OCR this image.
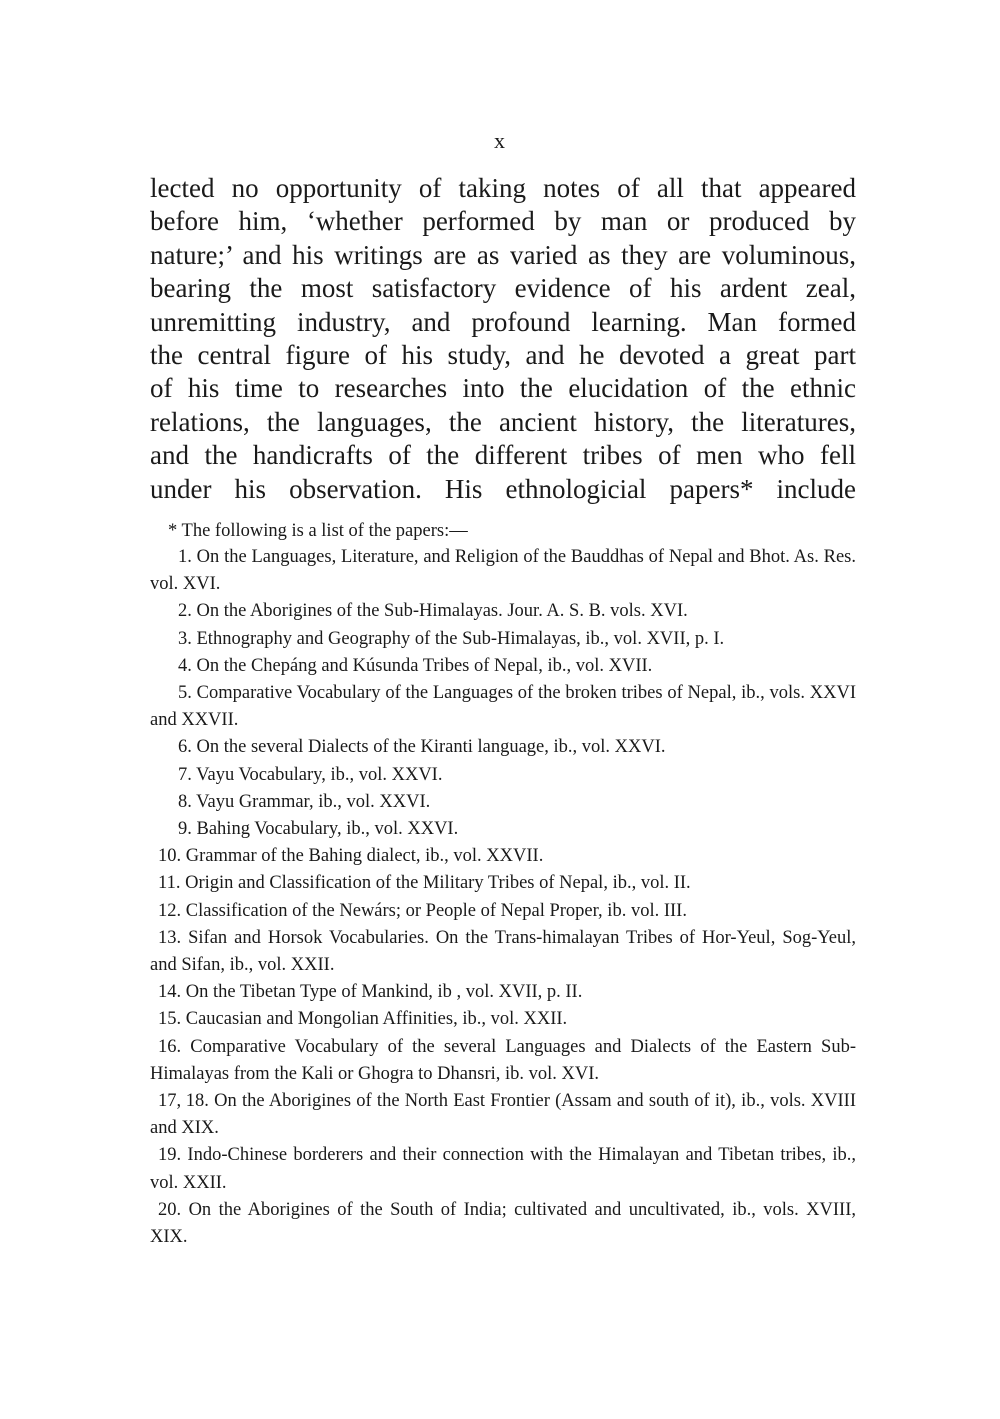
x
lected no opportunity of taking notes of all that appeared
before him, ‘whether performed by man or produced by
nature;’ and his writings are as varied as they are voluminous,
bearing the most satisfactory evidence of his ardent zeal,
unremitting industry, and profound learning. Man formed
the central figure of his study, and he devoted a great part
of his time to researches into the elucidation of the ethnic
relations, the languages, the ancient history, the literatures,
and the handicrafts of the different tribes of men who fell
under his observation. His ethnologicial papers* include
* The following is a list of the papers:—
1. On the Languages, Literature, and Religion of the Bauddhas of Nepal and Bhot. As. Res. vol. XVI.
2. On the Aborigines of the Sub-Himalayas. Jour. A. S. B. vols. XVI.
3. Ethnography and Geography of the Sub-Himalayas, ib., vol. XVII, p. I.
4. On the Chepáng and Kúsunda Tribes of Nepal, ib., vol. XVII.
5. Comparative Vocabulary of the Languages of the broken tribes of Nepal, ib., vols. XXVI and XXVII.
6. On the several Dialects of the Kiranti language, ib., vol. XXVI.
7. Vayu Vocabulary, ib., vol. XXVI.
8. Vayu Grammar, ib., vol. XXVI.
9. Bahing Vocabulary, ib., vol. XXVI.
10. Grammar of the Bahing dialect, ib., vol. XXVII.
11. Origin and Classification of the Military Tribes of Nepal, ib., vol. II.
12. Classification of the Newárs; or People of Nepal Proper, ib. vol. III.
13. Sifan and Horsok Vocabularies. On the Trans-himalayan Tribes of Hor-Yeul, Sog-Yeul, and Sifan, ib., vol. XXII.
14. On the Tibetan Type of Mankind, ib , vol. XVII, p. II.
15. Caucasian and Mongolian Affinities, ib., vol. XXII.
16. Comparative Vocabulary of the several Languages and Dialects of the Eastern Sub-Himalayas from the Kali or Ghogra to Dhansri, ib. vol. XVI.
17, 18. On the Aborigines of the North East Frontier (Assam and south of it), ib., vols. XVIII and XIX.
19. Indo-Chinese borderers and their connection with the Himalayan and Tibetan tribes, ib., vol. XXII.
20. On the Aborigines of the South of India; cultivated and uncultivated, ib., vols. XVIII, XIX.
